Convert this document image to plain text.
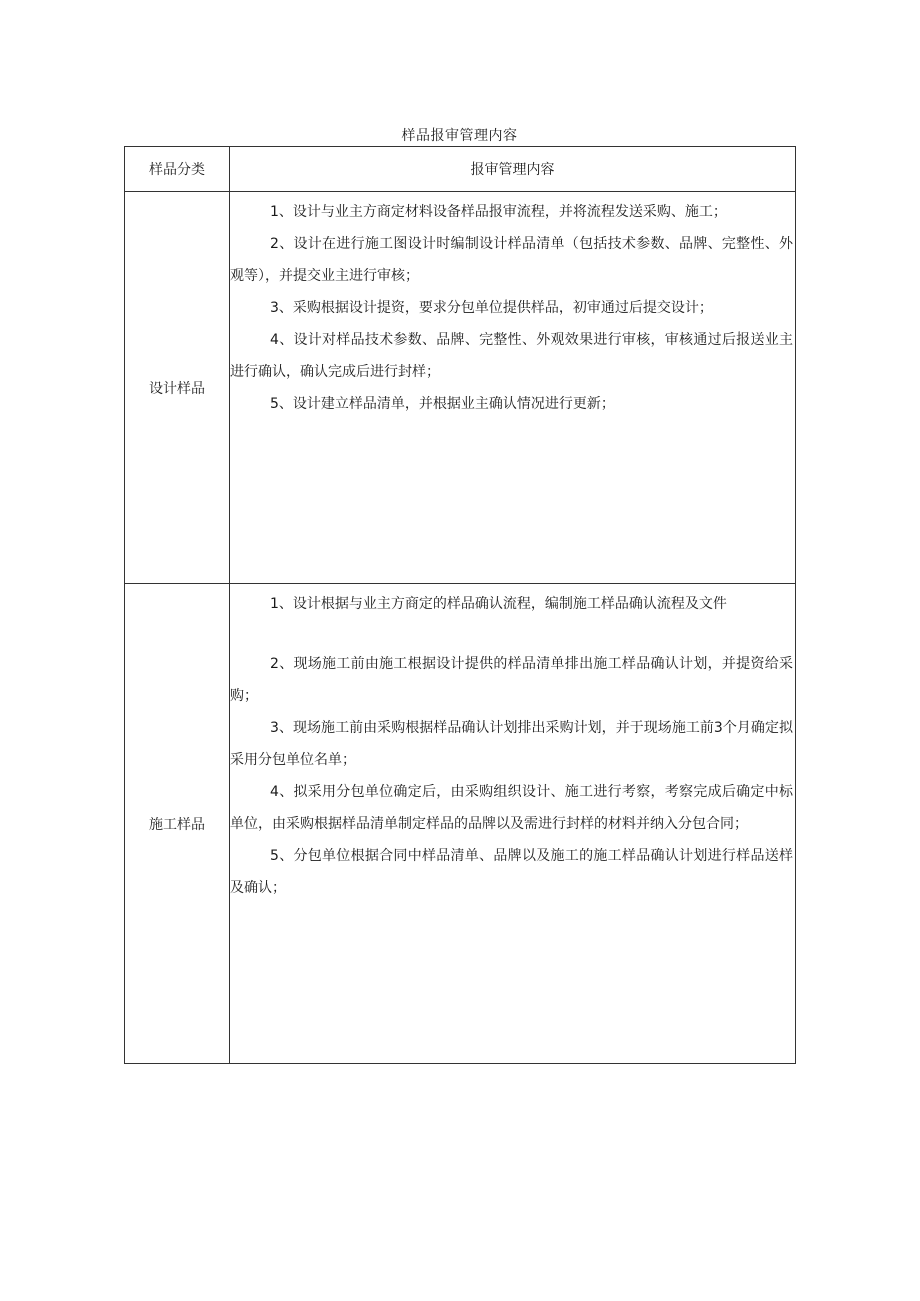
样品报审管理内容
样品分类	报审管理内容
设计样品	1、设计与业主方商定材料设备样品报审流程，并将流程发送采购、施工；

2、设计在进行施工图设计时编制设计样品清单（包括技术参数、品牌、完整性、外观等），并提交业主进行审核；

3、采购根据设计提资，要求分包单位提供样品，初审通过后提交设计；

4、设计对样品技术参数、品牌、完整性、外观效果进行审核，审核通过后报送业主进行确认，确认完成后进行封样；

5、设计建立样品清单，并根据业主确认情况进行更新；

施工样品	1、设计根据与业主方商定的样品确认流程，编制施工样品确认流程及文件

2、现场施工前由施工根据设计提供的样品清单排出施工样品确认计划，并提资给采购；

3、现场施工前由采购根据样品确认计划排出采购计划，并于现场施工前3个月确定拟采用分包单位名单；

4、拟采用分包单位确定后，由采购组织设计、施工进行考察，考察完成后确定中标单位，由采购根据样品清单制定样品的品牌以及需进行封样的材料并纳入分包合同；

5、分包单位根据合同中样品清单、品牌以及施工的施工样品确认计划进行样品送样及确认；
